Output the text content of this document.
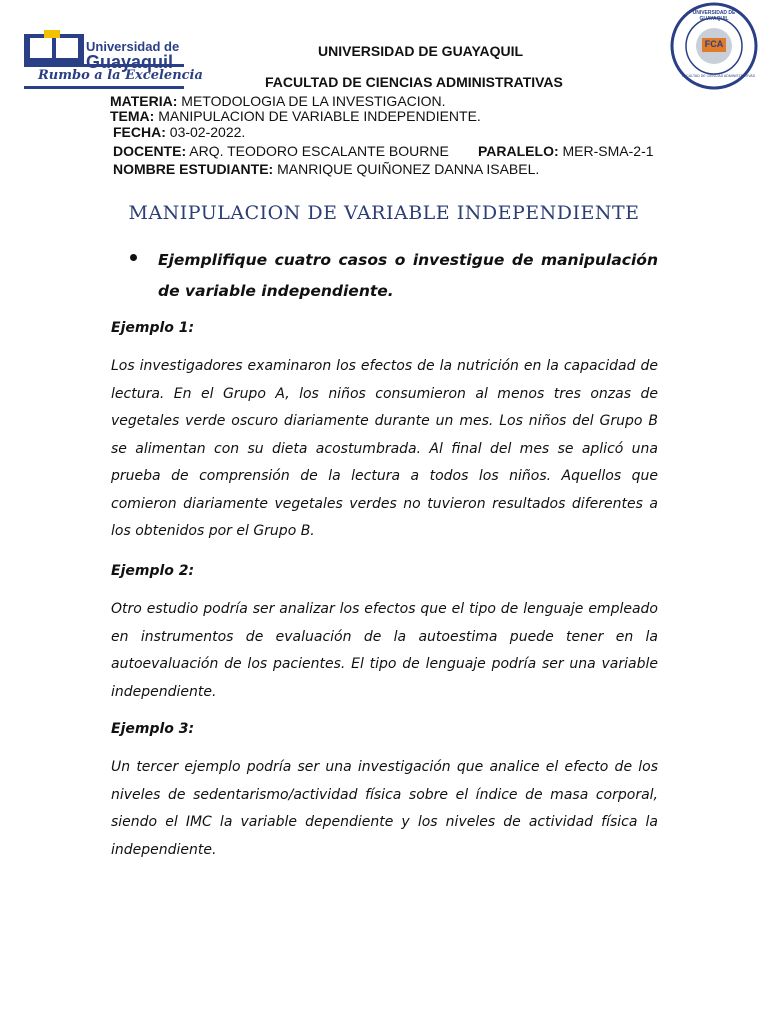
Universidad de
Guayaquil
Rumbo a la Excelencia
UNIVERSIDAD DE GUAYAQUIL
FCA
FACULTAD DE CIENCIAS ADMINISTRATIVAS
UNIVERSIDAD DE GUAYAQUIL
FACULTAD DE CIENCIAS ADMINISTRATIVAS
MATERIA: METODOLOGIA DE LA INVESTIGACION.
TEMA: MANIPULACION DE VARIABLE INDEPENDIENTE.
FECHA: 03-02-2022.
DOCENTE: ARQ. TEODORO ESCALANTE BOURNE PARALELO: MER-SMA-2-1
NOMBRE ESTUDIANTE: MANRIQUE QUIÑONEZ DANNA ISABEL.
MANIPULACION DE VARIABLE INDEPENDIENTE
Ejemplifique cuatro casos o investigue de manipulación de variable independiente.
Ejemplo 1:
Los investigadores examinaron los efectos de la nutrición en la capacidad de lectura. En el Grupo A, los niños consumieron al menos tres onzas de vegetales verde oscuro diariamente durante un mes. Los niños del Grupo B se alimentan con su dieta acostumbrada. Al final del mes se aplicó una prueba de comprensión de la lectura a todos los niños. Aquellos que comieron diariamente vegetales verdes no tuvieron resultados diferentes a los obtenidos por el Grupo B.
Ejemplo 2:
Otro estudio podría ser analizar los efectos que el tipo de lenguaje empleado en instrumentos de evaluación de la autoestima puede tener en la autoevaluación de los pacientes. El tipo de lenguaje podría ser una variable independiente.
Ejemplo 3:
Un tercer ejemplo podría ser una investigación que analice el efecto de los niveles de sedentarismo/actividad física sobre el índice de masa corporal, siendo el IMC la variable dependiente y los niveles de actividad física la independiente.
